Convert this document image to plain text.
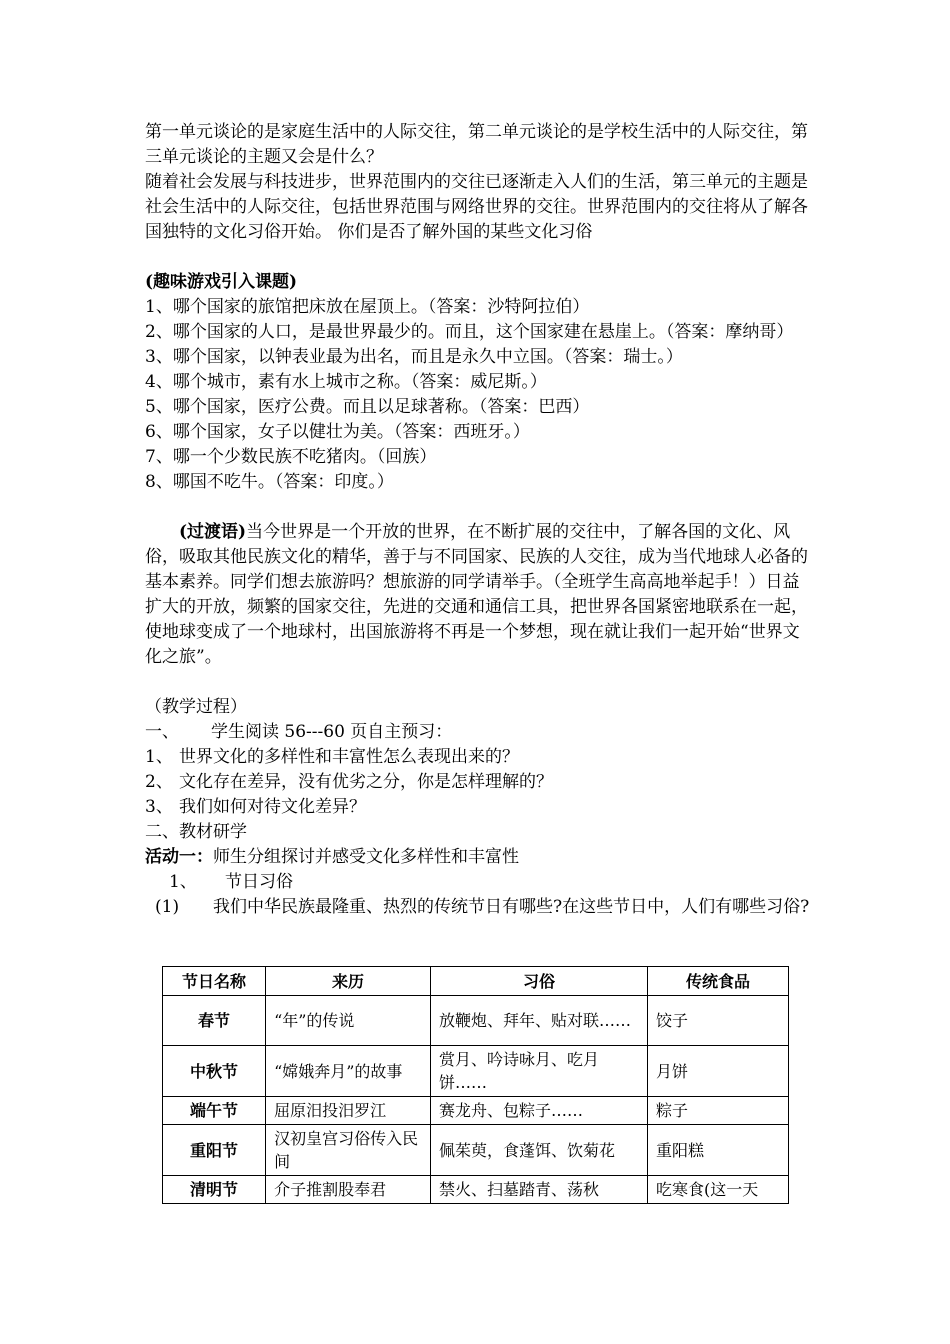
第一单元谈论的是家庭生活中的人际交往，第二单元谈论的是学校生活中的人际交往，第三单元谈论的主题又会是什么？

随着社会发展与科技进步，世界范围内的交往已逐渐走入人们的生活，第三单元的主题是社会生活中的人际交往，包括世界范围与网络世界的交往。世界范围内的交往将从了解各国独特的文化习俗开始。 你们是否了解外国的某些文化习俗

(趣味游戏引入课题)

1、哪个国家的旅馆把床放在屋顶上。（答案：沙特阿拉伯）

2、哪个国家的人口，是最世界最少的。而且，这个国家建在悬崖上。（答案：摩纳哥）

3、哪个国家，以钟表业最为出名，而且是永久中立国。（答案：瑞士。）

4、哪个城市，素有水上城市之称。（答案：威尼斯。）

5、哪个国家，医疗公费。而且以足球著称。（答案：巴西）

6、哪个国家，女子以健壮为美。（答案：西班牙。）

7、哪一个少数民族不吃猪肉。（回族）

8、哪国不吃牛。（答案：印度。）

(过渡语)当今世界是一个开放的世界，在不断扩展的交往中，了解各国的文化、风俗，吸取其他民族文化的精华，善于与不同国家、民族的人交往，成为当代地球人必备的基本素养。同学们想去旅游吗？想旅游的同学请举手。（全班学生高高地举起手！）日益扩大的开放，频繁的国家交往，先进的交通和通信工具，把世界各国紧密地联系在一起，使地球变成了一个地球村，出国旅游将不再是一个梦想，现在就让我们一起开始“世界文化之旅”。

（教学过程）

一、	学生阅读 56---60 页自主预习：
1、 世界文化的多样性和丰富性怎么表现出来的？
2、 文化存在差异，没有优劣之分，你是怎样理解的？
3、 我们如何对待文化差异？

二、教材研学

活动一：师生分组探讨并感受文化多样性和丰富性

1、	节日习俗
(1)	我们中华民族最隆重、热烈的传统节日有哪些?在这些节日中，人们有哪些习俗?
节日名称	来历	习俗	传统食品
春节	“年”的传说	放鞭炮、拜年、贴对联……	饺子
中秋节	“嫦娥奔月”的故事	赏月、吟诗咏月、吃月饼……	月饼
端午节	屈原汨投汨罗江	赛龙舟、包粽子……	粽子
重阳节	汉初皇宫习俗传入民间	佩茱萸，食蓬饵、饮菊花	重阳糕
清明节	介子推割股奉君	禁火、扫墓踏青、荡秋	吃寒食(这一天
